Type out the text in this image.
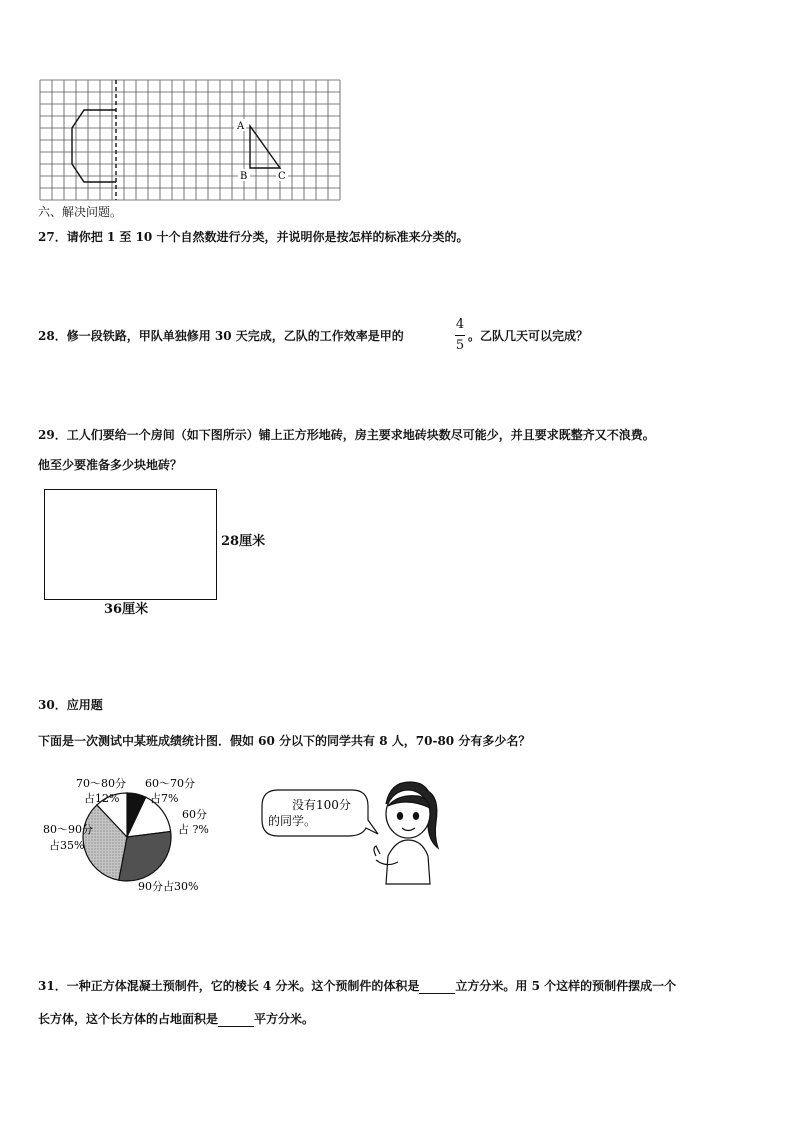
A
B	C
六、解决问题。
27．请你把 1 至 10 十个自然数进行分类，并说明你是按怎样的标准来分类的。
28．修一段铁路，甲队单独修用 30 天完成，乙队的工作效率是甲的
4
5
。乙队几天可以完成？
29．工人们要给一个房间（如下图所示）铺上正方形地砖，房主要求地砖块数尽可能少，并且要求既整齐又不浪费。
他至少要准备多少块地砖？
28厘米
36厘米
30．应用题
下面是一次测试中某班成绩统计图．假如 60 分以下的同学共有 8 人，70-80 分有多少名？
70～80分
占12%
60～70分
占7%
60分
占 ?%
80～90分
占35%
90分占30%
没有100分
的同学。
31．一种正方体混凝土预制件，它的棱长 4 分米。这个预制件的体积是	立方分米。用 5 个这样的预制件摆成一个
长方体，这个长方体的占地面积是	平方分米。
